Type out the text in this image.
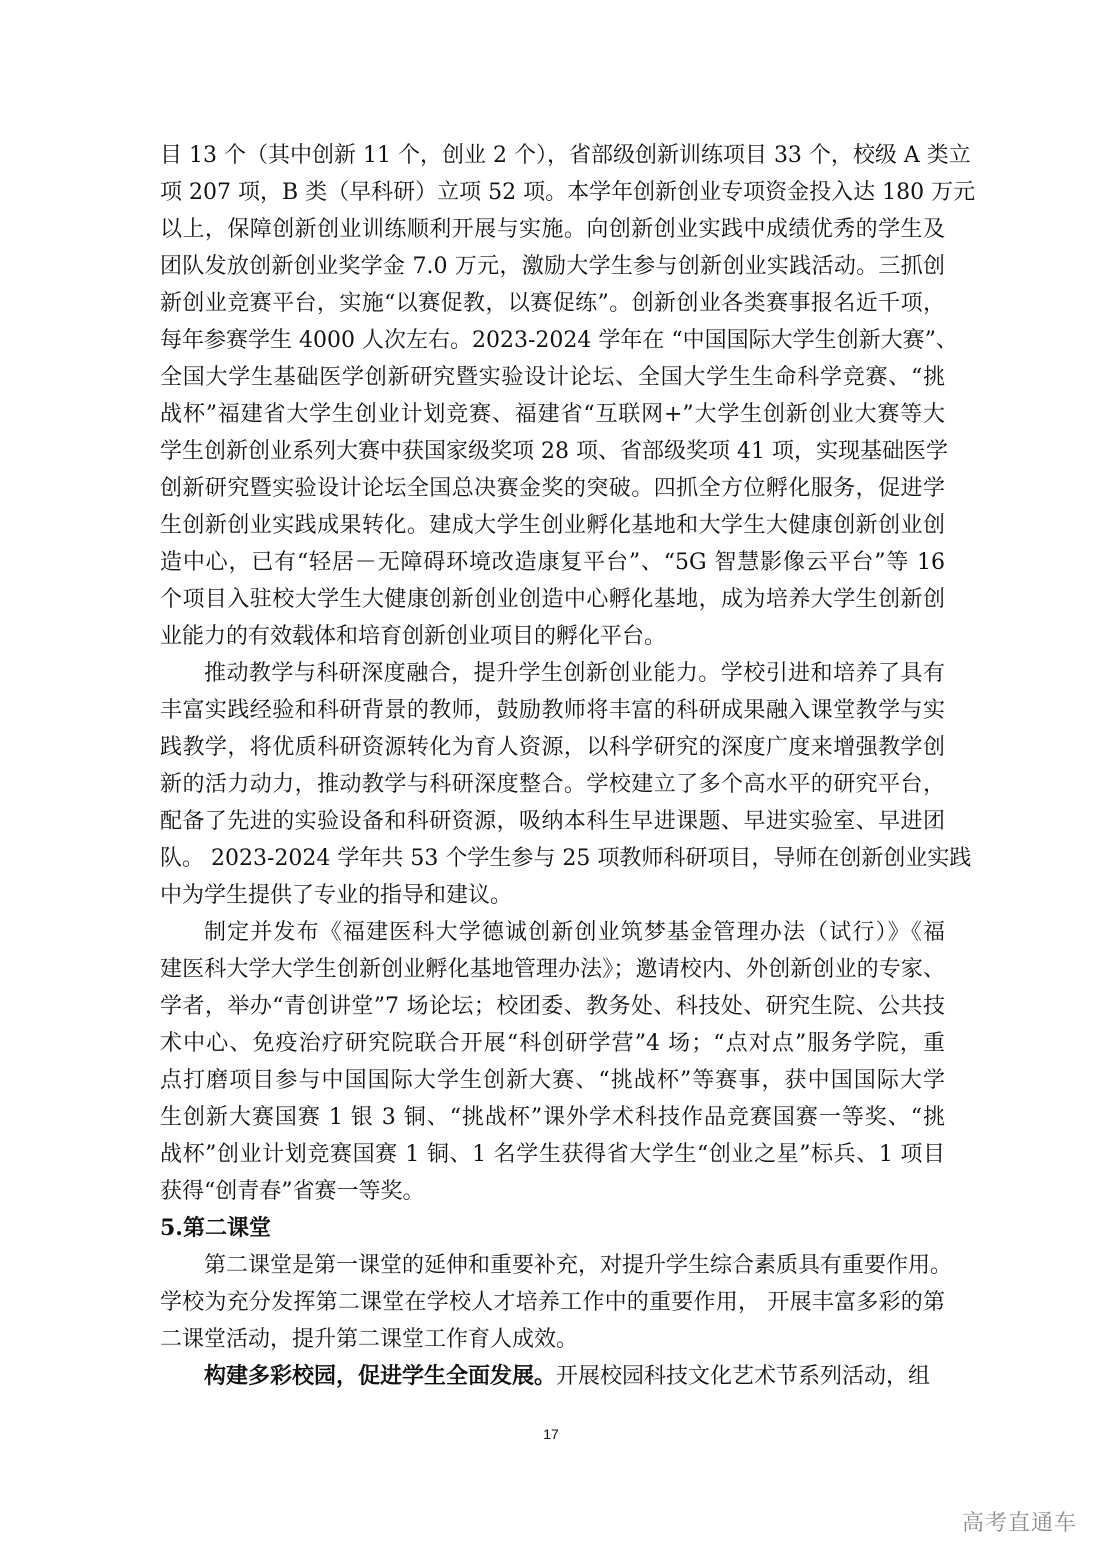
目 13 个（其中创新 11 个，创业 2 个），省部级创新训练项目 33 个，校级 A 类立
项 207 项，B 类（早科研）立项 52 项。本学年创新创业专项资金投入达 180 万元
以上，保障创新创业训练顺利开展与实施。向创新创业实践中成绩优秀的学生及
团队发放创新创业奖学金 7.0 万元，激励大学生参与创新创业实践活动。三抓创
新创业竞赛平台，实施“以赛促教，以赛促练”。创新创业各类赛事报名近千项，
每年参赛学生 4000 人次左右。2023-2024 学年在 “中国国际大学生创新大赛”、
全国大学生基础医学创新研究暨实验设计论坛、全国大学生生命科学竞赛、“挑
战杯”福建省大学生创业计划竞赛、福建省“互联网+”大学生创新创业大赛等大
学生创新创业系列大赛中获国家级奖项 28 项、省部级奖项 41 项，实现基础医学
创新研究暨实验设计论坛全国总决赛金奖的突破。四抓全方位孵化服务，促进学
生创新创业实践成果转化。建成大学生创业孵化基地和大学生大健康创新创业创
造中心，已有“轻居－无障碍环境改造康复平台”、“5G 智慧影像云平台”等 16
个项目入驻校大学生大健康创新创业创造中心孵化基地，成为培养大学生创新创
业能力的有效载体和培育创新创业项目的孵化平台。
推动教学与科研深度融合，提升学生创新创业能力。学校引进和培养了具有
丰富实践经验和科研背景的教师，鼓励教师将丰富的科研成果融入课堂教学与实
践教学，将优质科研资源转化为育人资源，以科学研究的深度广度来增强教学创
新的活力动力，推动教学与科研深度整合。学校建立了多个高水平的研究平台，
配备了先进的实验设备和科研资源，吸纳本科生早进课题、早进实验室、早进团
队。 2023-2024 学年共 53 个学生参与 25 项教师科研项目，导师在创新创业实践
中为学生提供了专业的指导和建议。
制定并发布《福建医科大学德诚创新创业筑梦基金管理办法（试行）》《福
建医科大学大学生创新创业孵化基地管理办法》；邀请校内、外创新创业的专家、
学者，举办“青创讲堂”7 场论坛；校团委、教务处、科技处、研究生院、公共技
术中心、免疫治疗研究院联合开展“科创研学营”4 场；“点对点”服务学院，重
点打磨项目参与中国国际大学生创新大赛、“挑战杯”等赛事，获中国国际大学
生创新大赛国赛 1 银 3 铜、“挑战杯”课外学术科技作品竞赛国赛一等奖、“挑
战杯”创业计划竞赛国赛 1 铜、1 名学生获得省大学生“创业之星”标兵、1 项目
获得“创青春”省赛一等奖。
5.第二课堂
第二课堂是第一课堂的延伸和重要补充，对提升学生综合素质具有重要作用。
学校为充分发挥第二课堂在学校人才培养工作中的重要作用， 开展丰富多彩的第
二课堂活动，提升第二课堂工作育人成效。
构建多彩校园，促进学生全面发展。开展校园科技文化艺术节系列活动，组
17
高考直通车
